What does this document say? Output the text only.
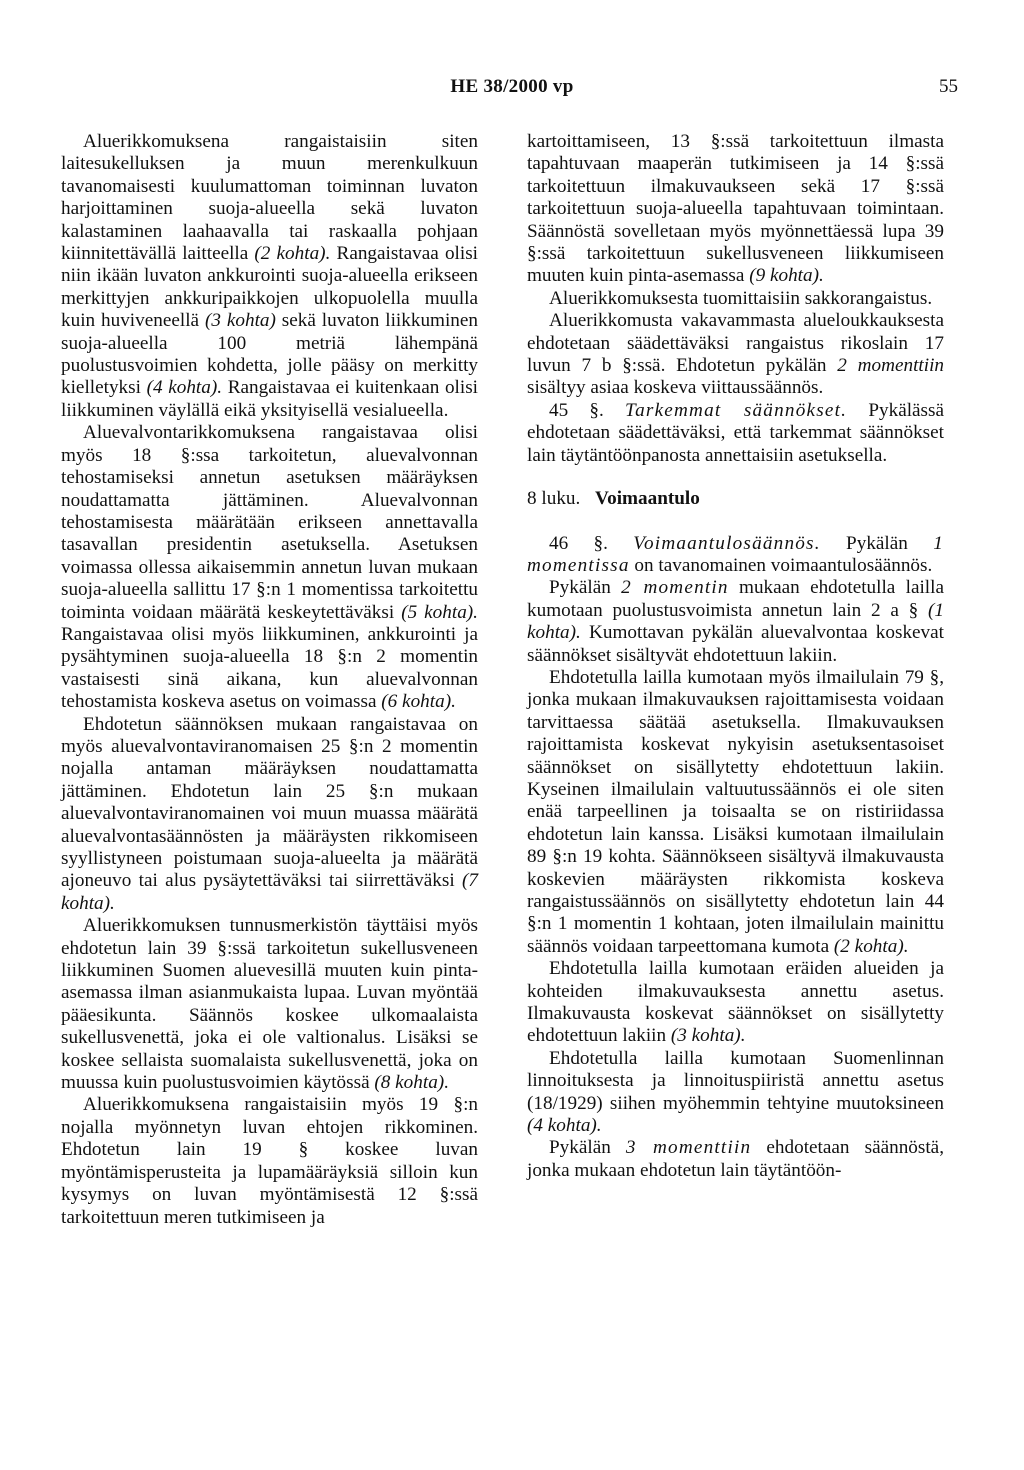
HE 38/2000 vp	55

Aluerikkomuksena rangaistaisiin siten laitesukelluksen ja muun merenkulkuun tavanomaisesti kuulumattoman toiminnan luvaton harjoittaminen suoja-alueella sekä luvaton kalastaminen laahaavalla tai raskaalla pohjaan kiinnitettävällä laitteella (2 kohta). Rangaistavaa olisi niin ikään luvaton ankkurointi suoja-alueella erikseen merkittyjen ankkuripaikkojen ulkopuolella muulla kuin huviveneellä (3 kohta) sekä luvaton liikkuminen suoja-alueella 100 metriä lähempänä puolustusvoimien kohdetta, jolle pääsy on merkitty kielletyksi (4 kohta). Rangaistavaa ei kuitenkaan olisi liikkuminen väylällä eikä yksityisellä vesialueella.

Aluevalvontarikkomuksena rangaistavaa olisi myös 18 §:ssa tarkoitetun, aluevalvonnan tehostamiseksi annetun asetuksen määräyksen noudattamatta jättäminen. Aluevalvonnan tehostamisesta määrätään erikseen annettavalla tasavallan presidentin asetuksella. Asetuksen voimassa ollessa aikaisemmin annetun luvan mukaan suoja-alueella sallittu 17 §:n 1 momentissa tarkoitettu toiminta voidaan määrätä keskeytettäväksi (5 kohta). Rangaistavaa olisi myös liikkuminen, ankkurointi ja pysähtyminen suoja-alueella 18 §:n 2 momentin vastaisesti sinä aikana, kun aluevalvonnan tehostamista koskeva asetus on voimassa (6 kohta).

Ehdotetun säännöksen mukaan rangaistavaa on myös aluevalvontaviranomaisen 25 §:n 2 momentin nojalla antaman määräyksen noudattamatta jättäminen. Ehdotetun lain 25 §:n mukaan aluevalvontaviranomainen voi muun muassa määrätä aluevalvontasäännösten ja määräysten rikkomiseen syyllistyneen poistumaan suoja-alueelta ja määrätä ajoneuvo tai alus pysäytettäväksi tai siirrettäväksi (7 kohta).

Aluerikkomuksen tunnusmerkistön täyttäisi myös ehdotetun lain 39 §:ssä tarkoitetun sukellusveneen liikkuminen Suomen aluevesillä muuten kuin pinta-asemassa ilman asianmukaista lupaa. Luvan myöntää pääesikunta. Säännös koskee ulkomaalaista sukellusvenettä, joka ei ole valtionalus. Lisäksi se koskee sellaista suomalaista sukellusvenettä, joka on muussa kuin puolustusvoimien käytössä (8 kohta).

Aluerikkomuksena rangaistaisiin myös 19 §:n nojalla myönnetyn luvan ehtojen rikkominen. Ehdotetun lain 19 § koskee luvan myöntämisperusteita ja lupamääräyksiä silloin kun kysymys on luvan myöntämisestä 12 §:ssä tarkoitettuun meren tutkimiseen ja

kartoittamiseen, 13 §:ssä tarkoitettuun ilmasta tapahtuvaan maaperän tutkimiseen ja 14 §:ssä tarkoitettuun ilmakuvaukseen sekä 17 §:ssä tarkoitettuun suoja-alueella tapahtuvaan toimintaan. Säännöstä sovelletaan myös myönnettäessä lupa 39 §:ssä tarkoitettuun sukellusveneen liikkumiseen muuten kuin pinta-asemassa (9 kohta).

Aluerikkomuksesta tuomittaisiin sakkorangaistus.

Aluerikkomusta vakavammasta alueloukkauksesta ehdotetaan säädettäväksi rangaistus rikoslain 17 luvun 7 b §:ssä. Ehdotetun pykälän 2 momenttiin sisältyy asiaa koskeva viittaussäännös.

45 §. Tarkemmat säännökset. Pykälässä ehdotetaan säädettäväksi, että tarkemmat säännökset lain täytäntöönpanosta annettaisiin asetuksella.

8 luku. Voimaantulo

46 §. Voimaantulosäännös. Pykälän 1 momentissa on tavanomainen voimaantulosäännös.

Pykälän 2 momentin mukaan ehdotetulla lailla kumotaan puolustusvoimista annetun lain 2 a § (1 kohta). Kumottavan pykälän aluevalvontaa koskevat säännökset sisältyvät ehdotettuun lakiin.

Ehdotetulla lailla kumotaan myös ilmailulain 79 §, jonka mukaan ilmakuvauksen rajoittamisesta voidaan tarvittaessa säätää asetuksella. Ilmakuvauksen rajoittamista koskevat nykyisin asetuksentasoiset säännökset on sisällytetty ehdotettuun lakiin. Kyseinen ilmailulain valtuutussäännös ei ole siten enää tarpeellinen ja toisaalta se on ristiriidassa ehdotetun lain kanssa. Lisäksi kumotaan ilmailulain 89 §:n 19 kohta. Säännökseen sisältyvä ilmakuvausta koskevien määräysten rikkomista koskeva rangaistussäännös on sisällytetty ehdotetun lain 44 §:n 1 momentin 1 kohtaan, joten ilmailulain mainittu säännös voidaan tarpeettomana kumota (2 kohta).

Ehdotetulla lailla kumotaan eräiden alueiden ja kohteiden ilmakuvauksesta annettu asetus. Ilmakuvausta koskevat säännökset on sisällytetty ehdotettuun lakiin (3 kohta).

Ehdotetulla lailla kumotaan Suomenlinnan linnoituksesta ja linnoituspiiristä annettu asetus (18/1929) siihen myöhemmin tehtyine muutoksineen (4 kohta).

Pykälän 3 momenttiin ehdotetaan säännöstä, jonka mukaan ehdotetun lain täytäntöön-
